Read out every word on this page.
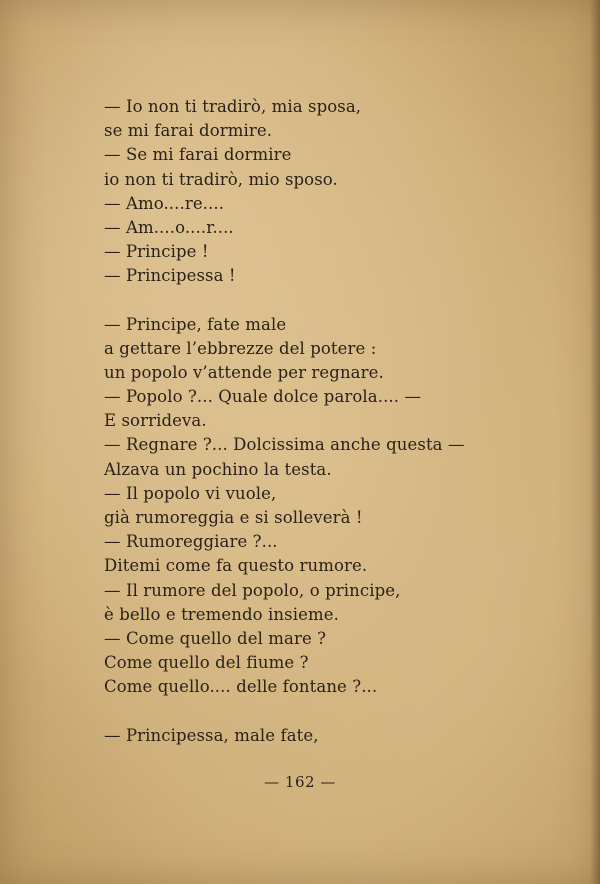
— Io non ti tradirò, mia sposa,
se mi farai dormire.
— Se mi farai dormire
io non ti tradirò, mio sposo.
— Amo....re....
— Am....o....r....
— Principe !
— Principessa !
— Principe, fate male
a gettare l’ebbrezze del potere :
un popolo v’attende per regnare.
— Popolo ?... Quale dolce parola.... —
E sorrideva.
— Regnare ?... Dolcissima anche questa —
Alzava un pochino la testa.
— Il popolo vi vuole,
già rumoreggia e si solleverà !
— Rumoreggiare ?...
Ditemi come fa questo rumore.
— Il rumore del popolo, o principe,
è bello e tremendo insieme.
— Come quello del mare ?
Come quello del fiume ?
Come quello.... delle fontane ?...
— Principessa, male fate,
— 162 —
